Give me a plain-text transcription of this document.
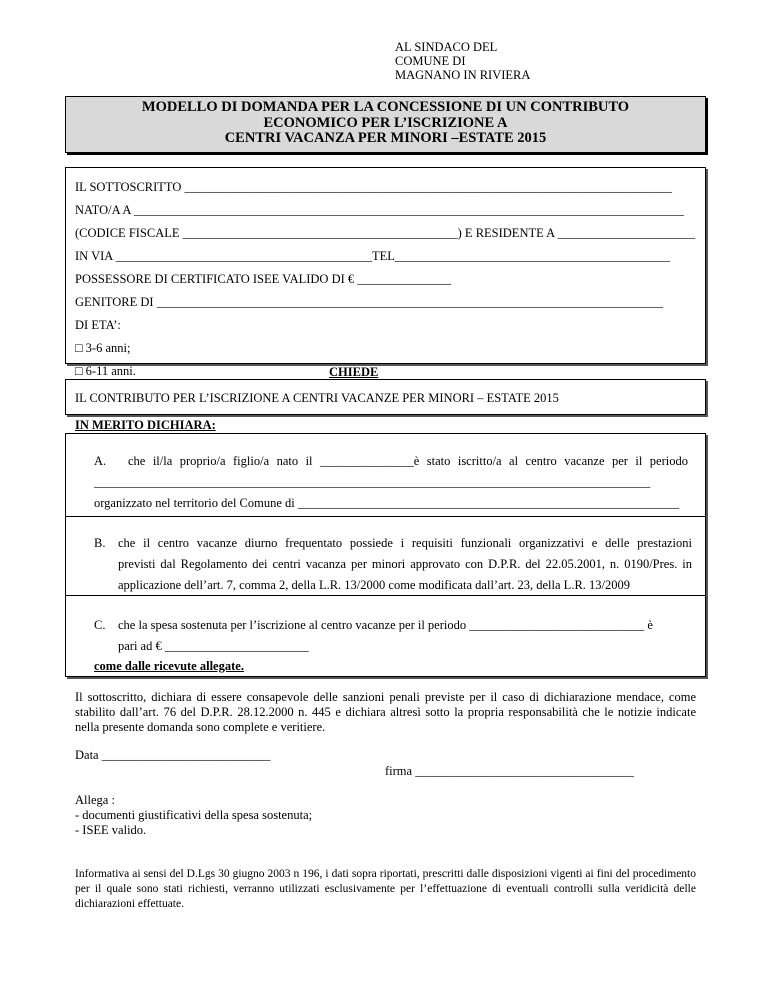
AL SINDACO DEL
COMUNE DI
MAGNANO IN RIVIERA
MODELLO DI DOMANDA PER LA CONCESSIONE DI UN CONTRIBUTO
ECONOMICO PER L’ISCRIZIONE A
CENTRI VACANZA PER MINORI –ESTATE 2015
IL SOTTOSCRITTO ______________________________________________________________________________
NATO/A A ________________________________________________________________________________________
(CODICE FISCALE ____________________________________________) E RESIDENTE A ______________________
IN VIA _________________________________________TEL____________________________________________
POSSESSORE DI CERTIFICATO ISEE VALIDO DI € _______________
GENITORE DI _________________________________________________________________________________
DI ETA’:
□ 3-6 anni;
□ 6-11 anni.	CHIEDE
IL CONTRIBUTO PER L’ISCRIZIONE A CENTRI VACANZE PER MINORI – ESTATE 2015
IN MERITO DICHIARA:
A. che il/la proprio/a figlio/a nato il _______________è stato iscritto/a al centro vacanze per il periodo
_________________________________________________________________________________________
organizzato nel territorio del Comune di _____________________________________________________________
B. che il centro vacanze diurno frequentato possiede i requisiti funzionali organizzativi e delle prestazioni
previsti dal Regolamento dei centri vacanza per minori approvato con D.P.R. del 22.05.2001, n. 0190/Pres. in
applicazione dell’art. 7, comma 2, della L.R. 13/2000 come modificata dall’art. 23, della L.R. 13/2009
C. che la spesa sostenuta per l’iscrizione al centro vacanze per il periodo ____________________________ è
pari ad € _______________________
come dalle ricevute allegate.
Il sottoscritto, dichiara di essere consapevole delle sanzioni penali previste per il caso di dichiarazione mendace, come stabilito dall’art. 76 del D.P.R. 28.12.2000 n. 445 e dichiara altresì sotto la propria responsabilità che le notizie indicate nella presente domanda sono complete e veritiere.
Data ___________________________
firma ___________________________________
Allega :
- documenti giustificativi della spesa sostenuta;
- ISEE valido.
Informativa ai sensi del D.Lgs 30 giugno 2003 n 196, i dati sopra riportati, prescritti dalle disposizioni vigenti ai fini del procedimento per il quale sono stati richiesti, verranno utilizzati esclusivamente per l’effettuazione di eventuali controlli sulla veridicità delle dichiarazioni effettuate.
